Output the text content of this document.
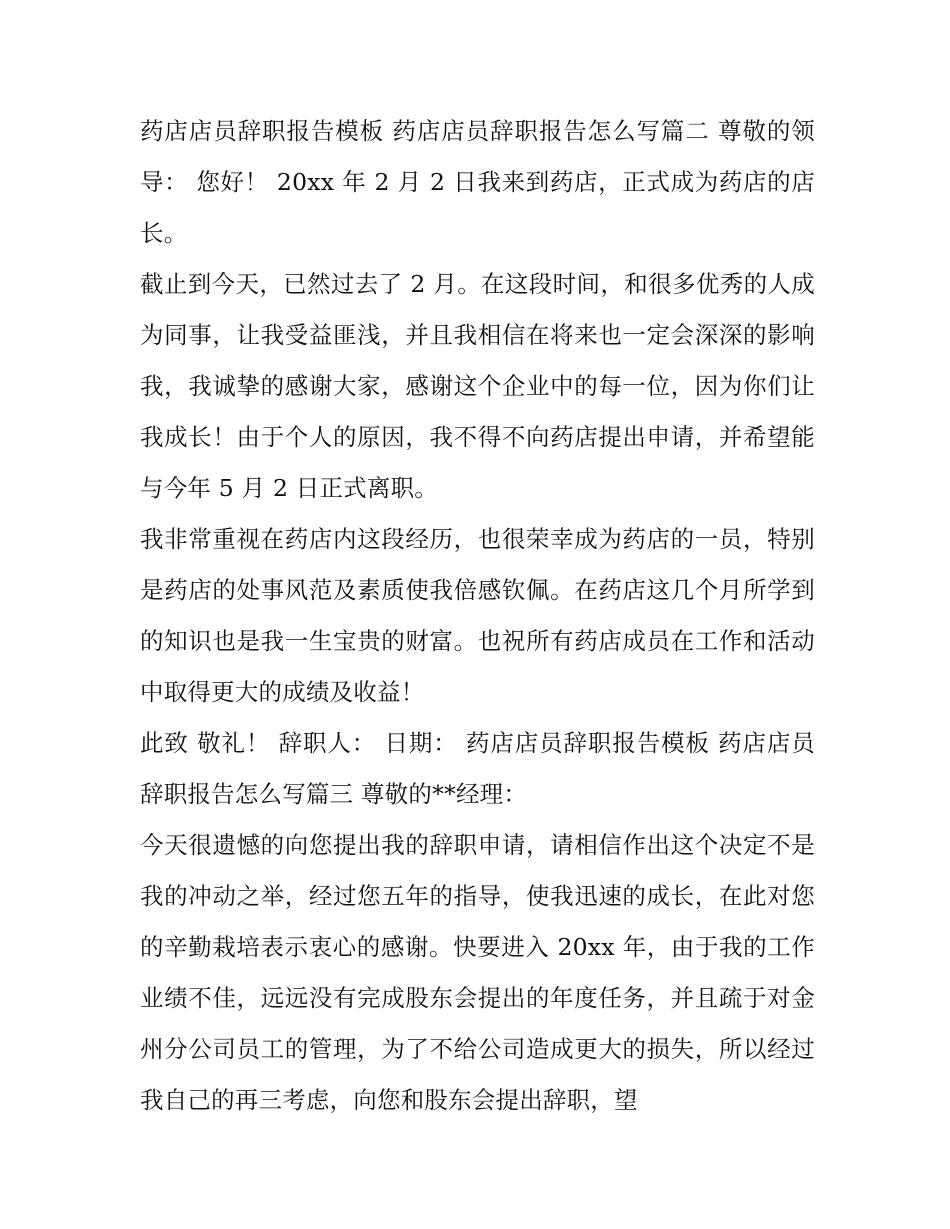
药店店员辞职报告模板 药店店员辞职报告怎么写篇二 尊敬的领导： 您好！ 20xx 年 2 月 2 日我来到药店，正式成为药店的店长。

截止到今天，已然过去了 2 月。在这段时间，和很多优秀的人成为同事，让我受益匪浅，并且我相信在将来也一定会深深的影响我，我诚挚的感谢大家，感谢这个企业中的每一位，因为你们让我成长！由于个人的原因，我不得不向药店提出申请，并希望能与今年 5 月 2 日正式离职。

我非常重视在药店内这段经历，也很荣幸成为药店的一员，特别是药店的处事风范及素质使我倍感钦佩。在药店这几个月所学到的知识也是我一生宝贵的财富。也祝所有药店成员在工作和活动中取得更大的成绩及收益！

此致 敬礼！ 辞职人： 日期： 药店店员辞职报告模板 药店店员辞职报告怎么写篇三 尊敬的**经理：

今天很遗憾的向您提出我的辞职申请，请相信作出这个决定不是我的冲动之举，经过您五年的指导，使我迅速的成长，在此对您的辛勤栽培表示衷心的感谢。快要进入 20xx 年，由于我的工作业绩不佳，远远没有完成股东会提出的年度任务，并且疏于对金州分公司员工的管理，为了不给公司造成更大的损失，所以经过我自己的再三考虑，向您和股东会提出辞职，望
